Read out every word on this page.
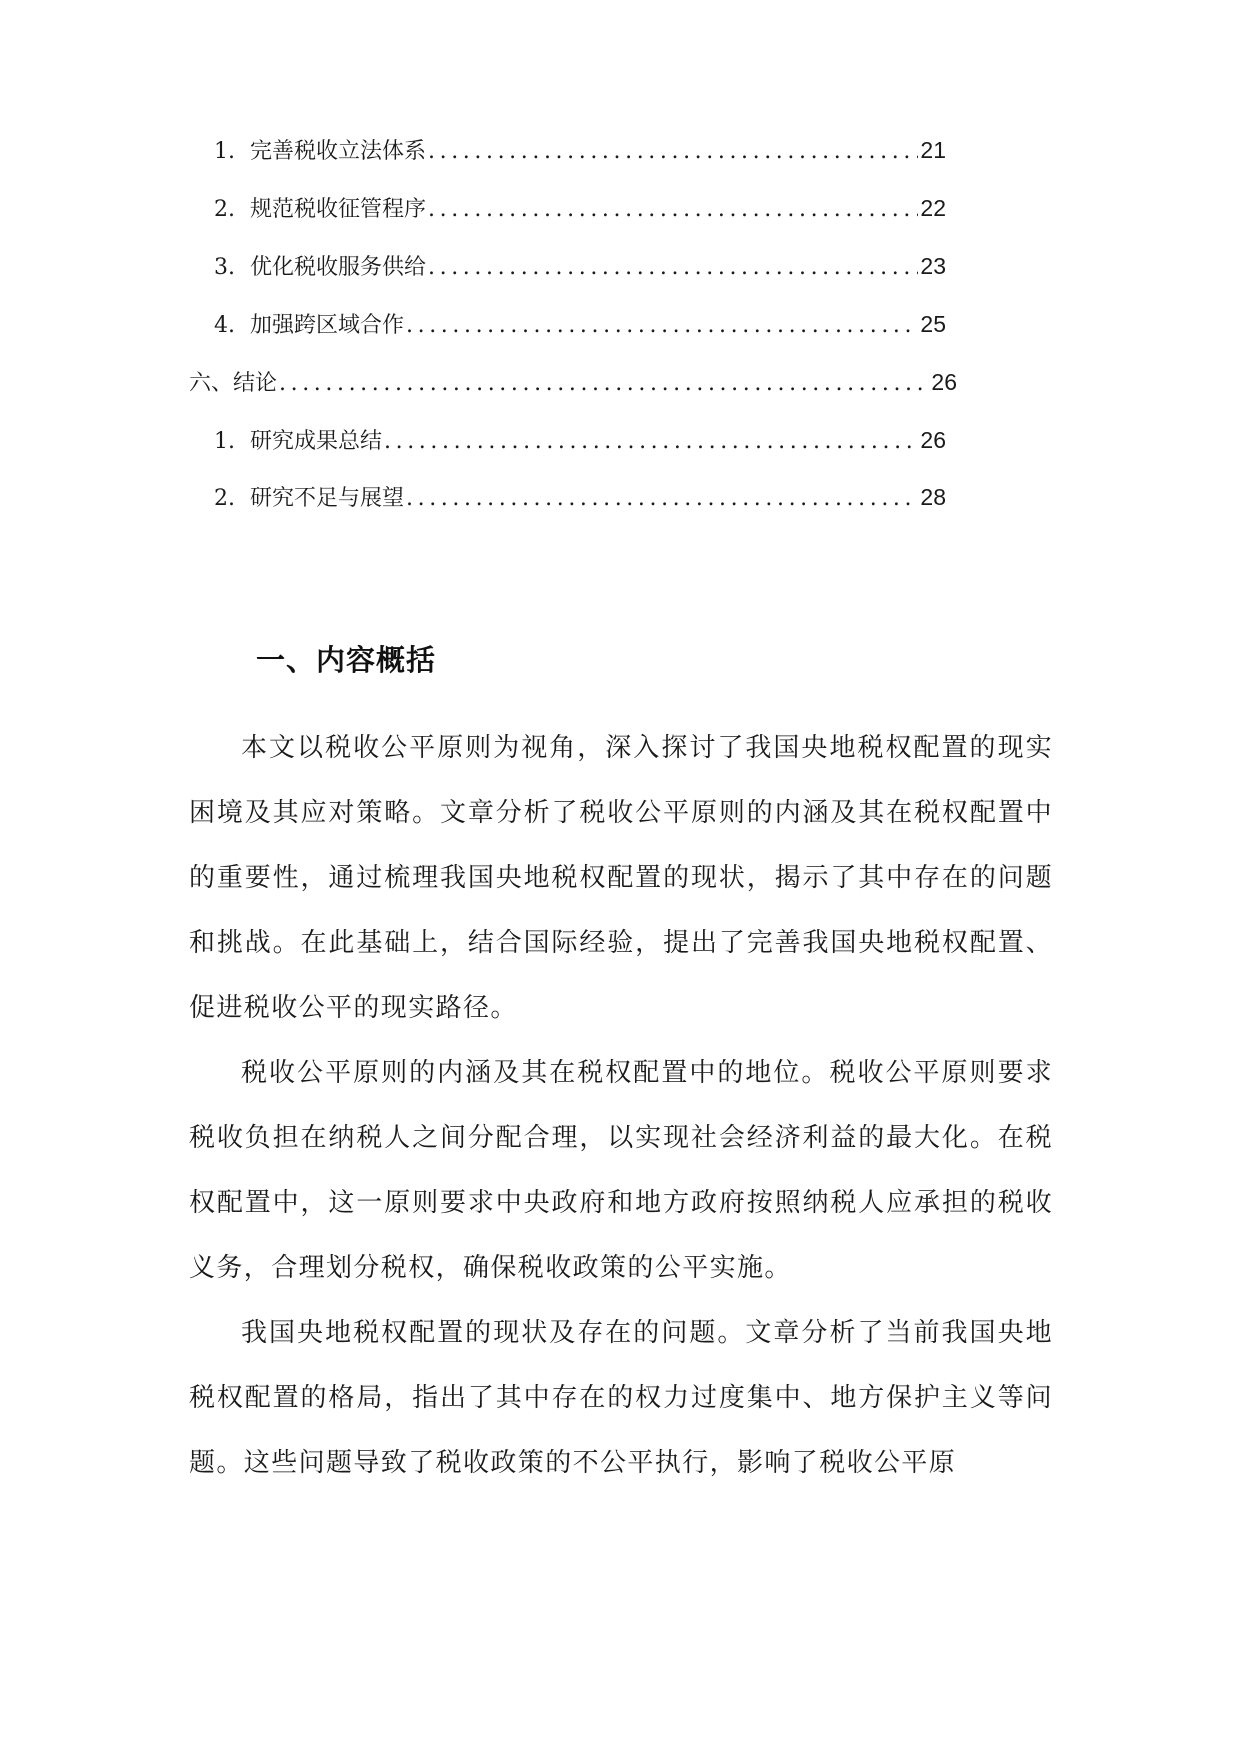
1. 完善税收立法体系 .....	21
2. 规范税收征管程序 .....	22
3. 优化税收服务供给 .....	23
4. 加强跨区域合作 .....	25
六、结论 .....	26
1. 研究成果总结 .....	26
2. 研究不足与展望 .....	28
一、内容概括

本文以税收公平原则为视角，深入探讨了我国央地税权配置的现实困境及其应对策略。文章分析了税收公平原则的内涵及其在税权配置中的重要性，通过梳理我国央地税权配置的现状，揭示了其中存在的问题和挑战。在此基础上，结合国际经验，提出了完善我国央地税权配置、促进税收公平的现实路径。

税收公平原则的内涵及其在税权配置中的地位。税收公平原则要求税收负担在纳税人之间分配合理，以实现社会经济利益的最大化。在税权配置中，这一原则要求中央政府和地方政府按照纳税人应承担的税收义务，合理划分税权，确保税收政策的公平实施。

我国央地税权配置的现状及存在的问题。文章分析了当前我国央地税权配置的格局，指出了其中存在的权力过度集中、地方保护主义等问题。这些问题导致了税收政策的不公平执行，影响了税收公平原
